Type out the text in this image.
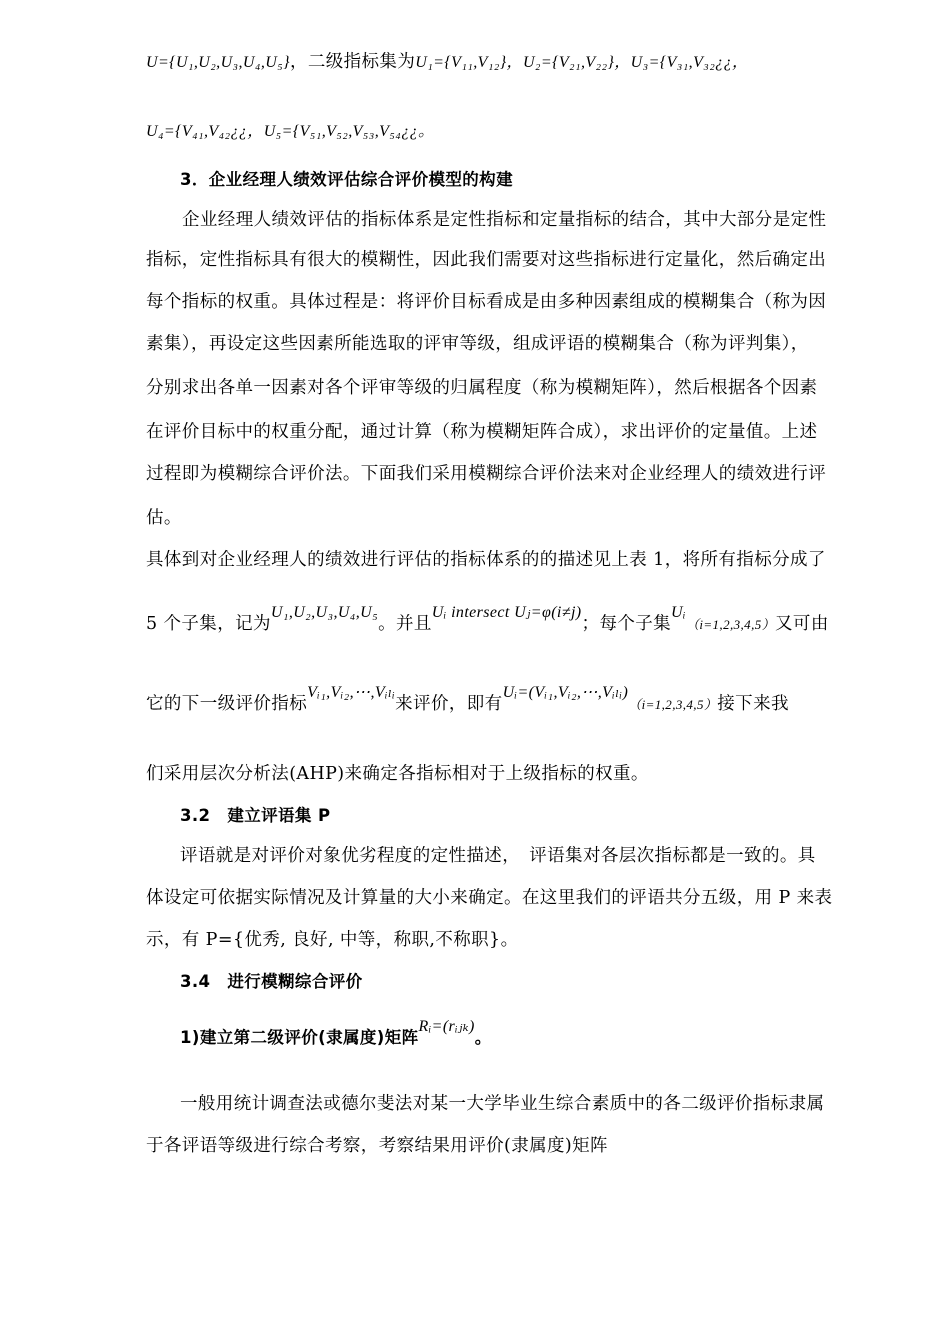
U={U₁,U₂,U₃,U₄,U₅}，二级指标集为U₁={V₁₁,V₁₂}，U₂={V₂₁,V₂₂}，U₃={V₃₁,V₃₂¿¿，
U₄={V₄₁,V₄₂¿¿，U₅={V₅₁,V₅₂,V₅₃,V₅₄¿¿。
3．企业经理人绩效评估综合评价模型的构建
企业经理人绩效评估的指标体系是定性指标和定量指标的结合，其中大部分是定性
指标，定性指标具有很大的模糊性，因此我们需要对这些指标进行定量化，然后确定出
每个指标的权重。具体过程是：将评价目标看成是由多种因素组成的模糊集合（称为因
素集），再设定这些因素所能选取的评审等级，组成评语的模糊集合（称为评判集），
分别求出各单一因素对各个评审等级的归属程度（称为模糊矩阵），然后根据各个因素
在评价目标中的权重分配，通过计算（称为模糊矩阵合成），求出评价的定量值。上述
过程即为模糊综合评价法。下面我们采用模糊综合评价法来对企业经理人的绩效进行评
估。
具体到对企业经理人的绩效进行评估的指标体系的的描述见上表 1，将所有指标分成了
5 个子集，记为U₁,U₂,U₃,U₄,U₅。并且Uᵢ intersect Uⱼ=φ(i≠j)；每个子集Uᵢ（i=1,2,3,4,5）又可由
它的下一级评价指标Vᵢ₁,Vᵢ₂,⋯,Vᵢₗᵢ来评价，即有Uᵢ=(Vᵢ₁,Vᵢ₂,⋯,Vᵢₗᵢ)（i=1,2,3,4,5）接下来我
们采用层次分析法(AHP)来确定各指标相对于上级指标的权重。
3.2　建立评语集 P
评语就是对评价对象优劣程度的定性描述，　评语集对各层次指标都是一致的。具
体设定可依据实际情况及计算量的大小来确定。在这里我们的评语共分五级，用 P 来表
示，有 P={优秀, 良好, 中等，称职,不称职}。
3.4　进行模糊综合评价
1)建立第二级评价(隶属度)矩阵Rᵢ=(rᵢⱼₖ)。
一般用统计调查法或德尔斐法对某一大学毕业生综合素质中的各二级评价指标隶属
于各评语等级进行综合考察，考察结果用评价(隶属度)矩阵
